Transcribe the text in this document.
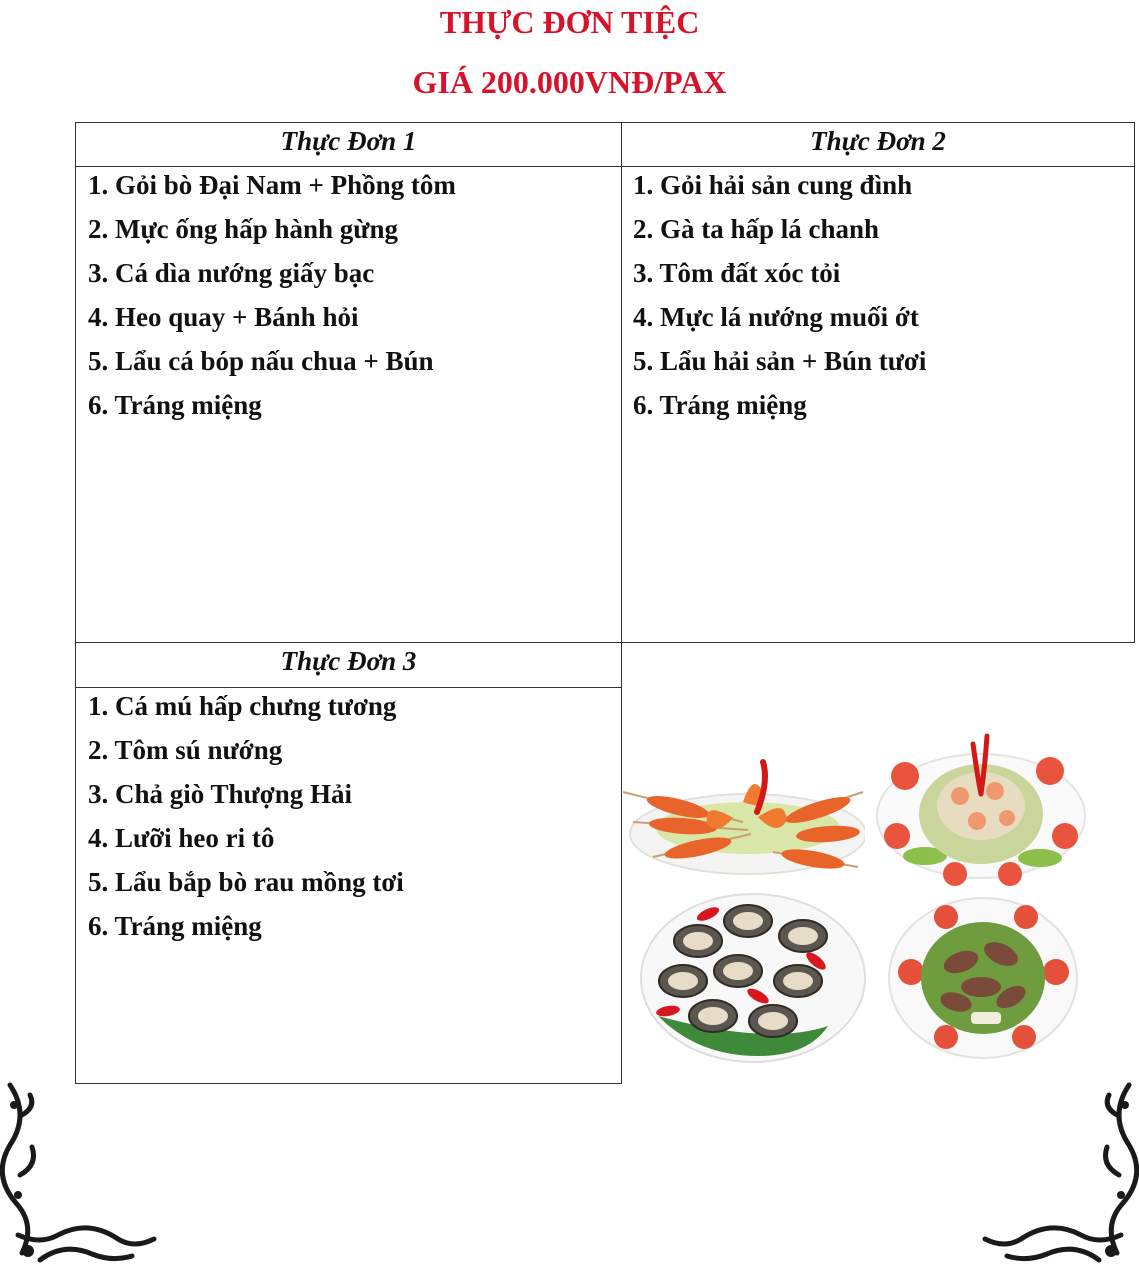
THỰC ĐƠN TIỆC
GIÁ 200.000VNĐ/PAX
Thực Đơn 1	Thực Đơn 2
1. Gỏi bò Đại Nam + Phồng tôm
2. Mực ống hấp hành gừng
3. Cá dìa nướng giấy bạc
4. Heo quay + Bánh hỏi
5. Lẩu cá bóp nấu chua + Bún
6. Tráng miệng
1. Gỏi hải sản cung đình
2. Gà ta hấp lá chanh
3. Tôm đất xóc tỏi
4. Mực lá nướng muối ớt
5. Lẩu hải sản + Bún tươi
6. Tráng miệng
Thực Đơn 3
1. Cá mú hấp chưng tương
2. Tôm sú nướng
3. Chả giò Thượng Hải
4. Lưỡi heo ri tô
5. Lẩu bắp bò rau mồng tơi
6. Tráng miệng
